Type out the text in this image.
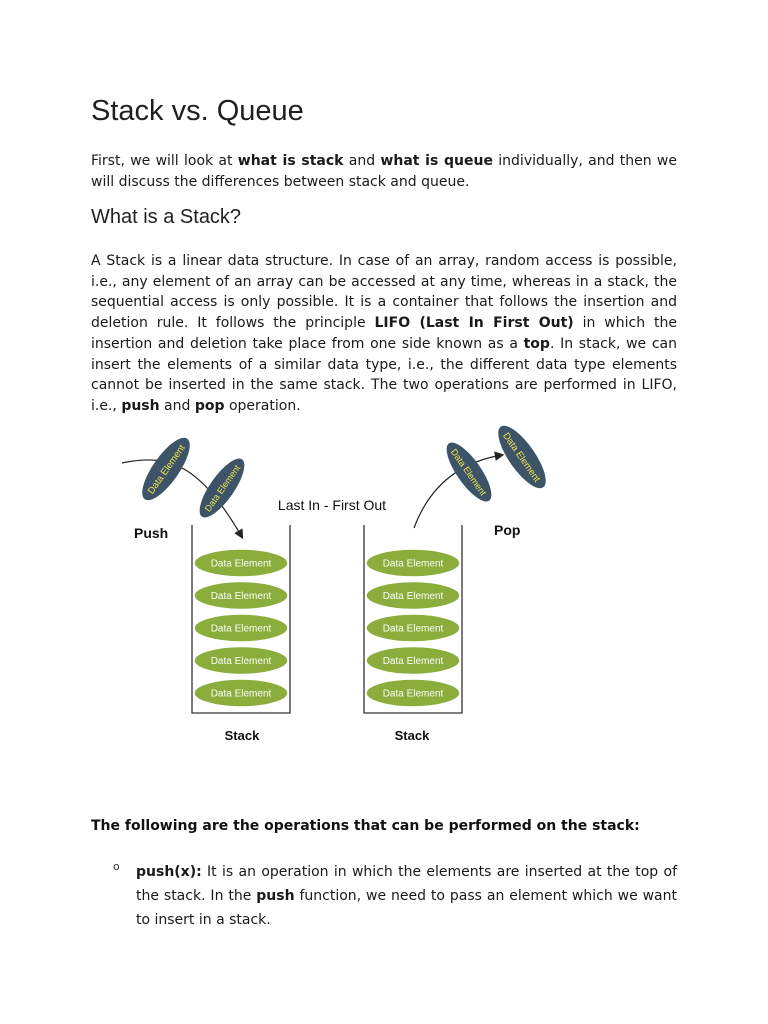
Stack vs. Queue

First, we will look at what is stack and what is queue individually, and then we will discuss the differences between stack and queue.

What is a Stack?

A Stack is a linear data structure. In case of an array, random access is possible, i.e., any element of an array can be accessed at any time, whereas in a stack, the sequential access is only possible. It is a container that follows the insertion and deletion rule. It follows the principle LIFO (Last In First Out) in which the insertion and deletion take place from one side known as a top. In stack, we can insert the elements of a similar data type, i.e., the different data type elements cannot be inserted in the same stack. The two operations are performed in LIFO, i.e., push and pop operation.

Data Element Data Element	Data Element Data Element
Last In - First Out
Push	Pop
Data Element
Data Element
Data Element
Data Element
Data Element
Data Element
Data Element
Data Element
Data Element
Data Element
Stack	Stack

The following are the operations that can be performed on the stack:

o push(x): It is an operation in which the elements are inserted at the top of the stack. In the push function, we need to pass an element which we want to insert in a stack.
